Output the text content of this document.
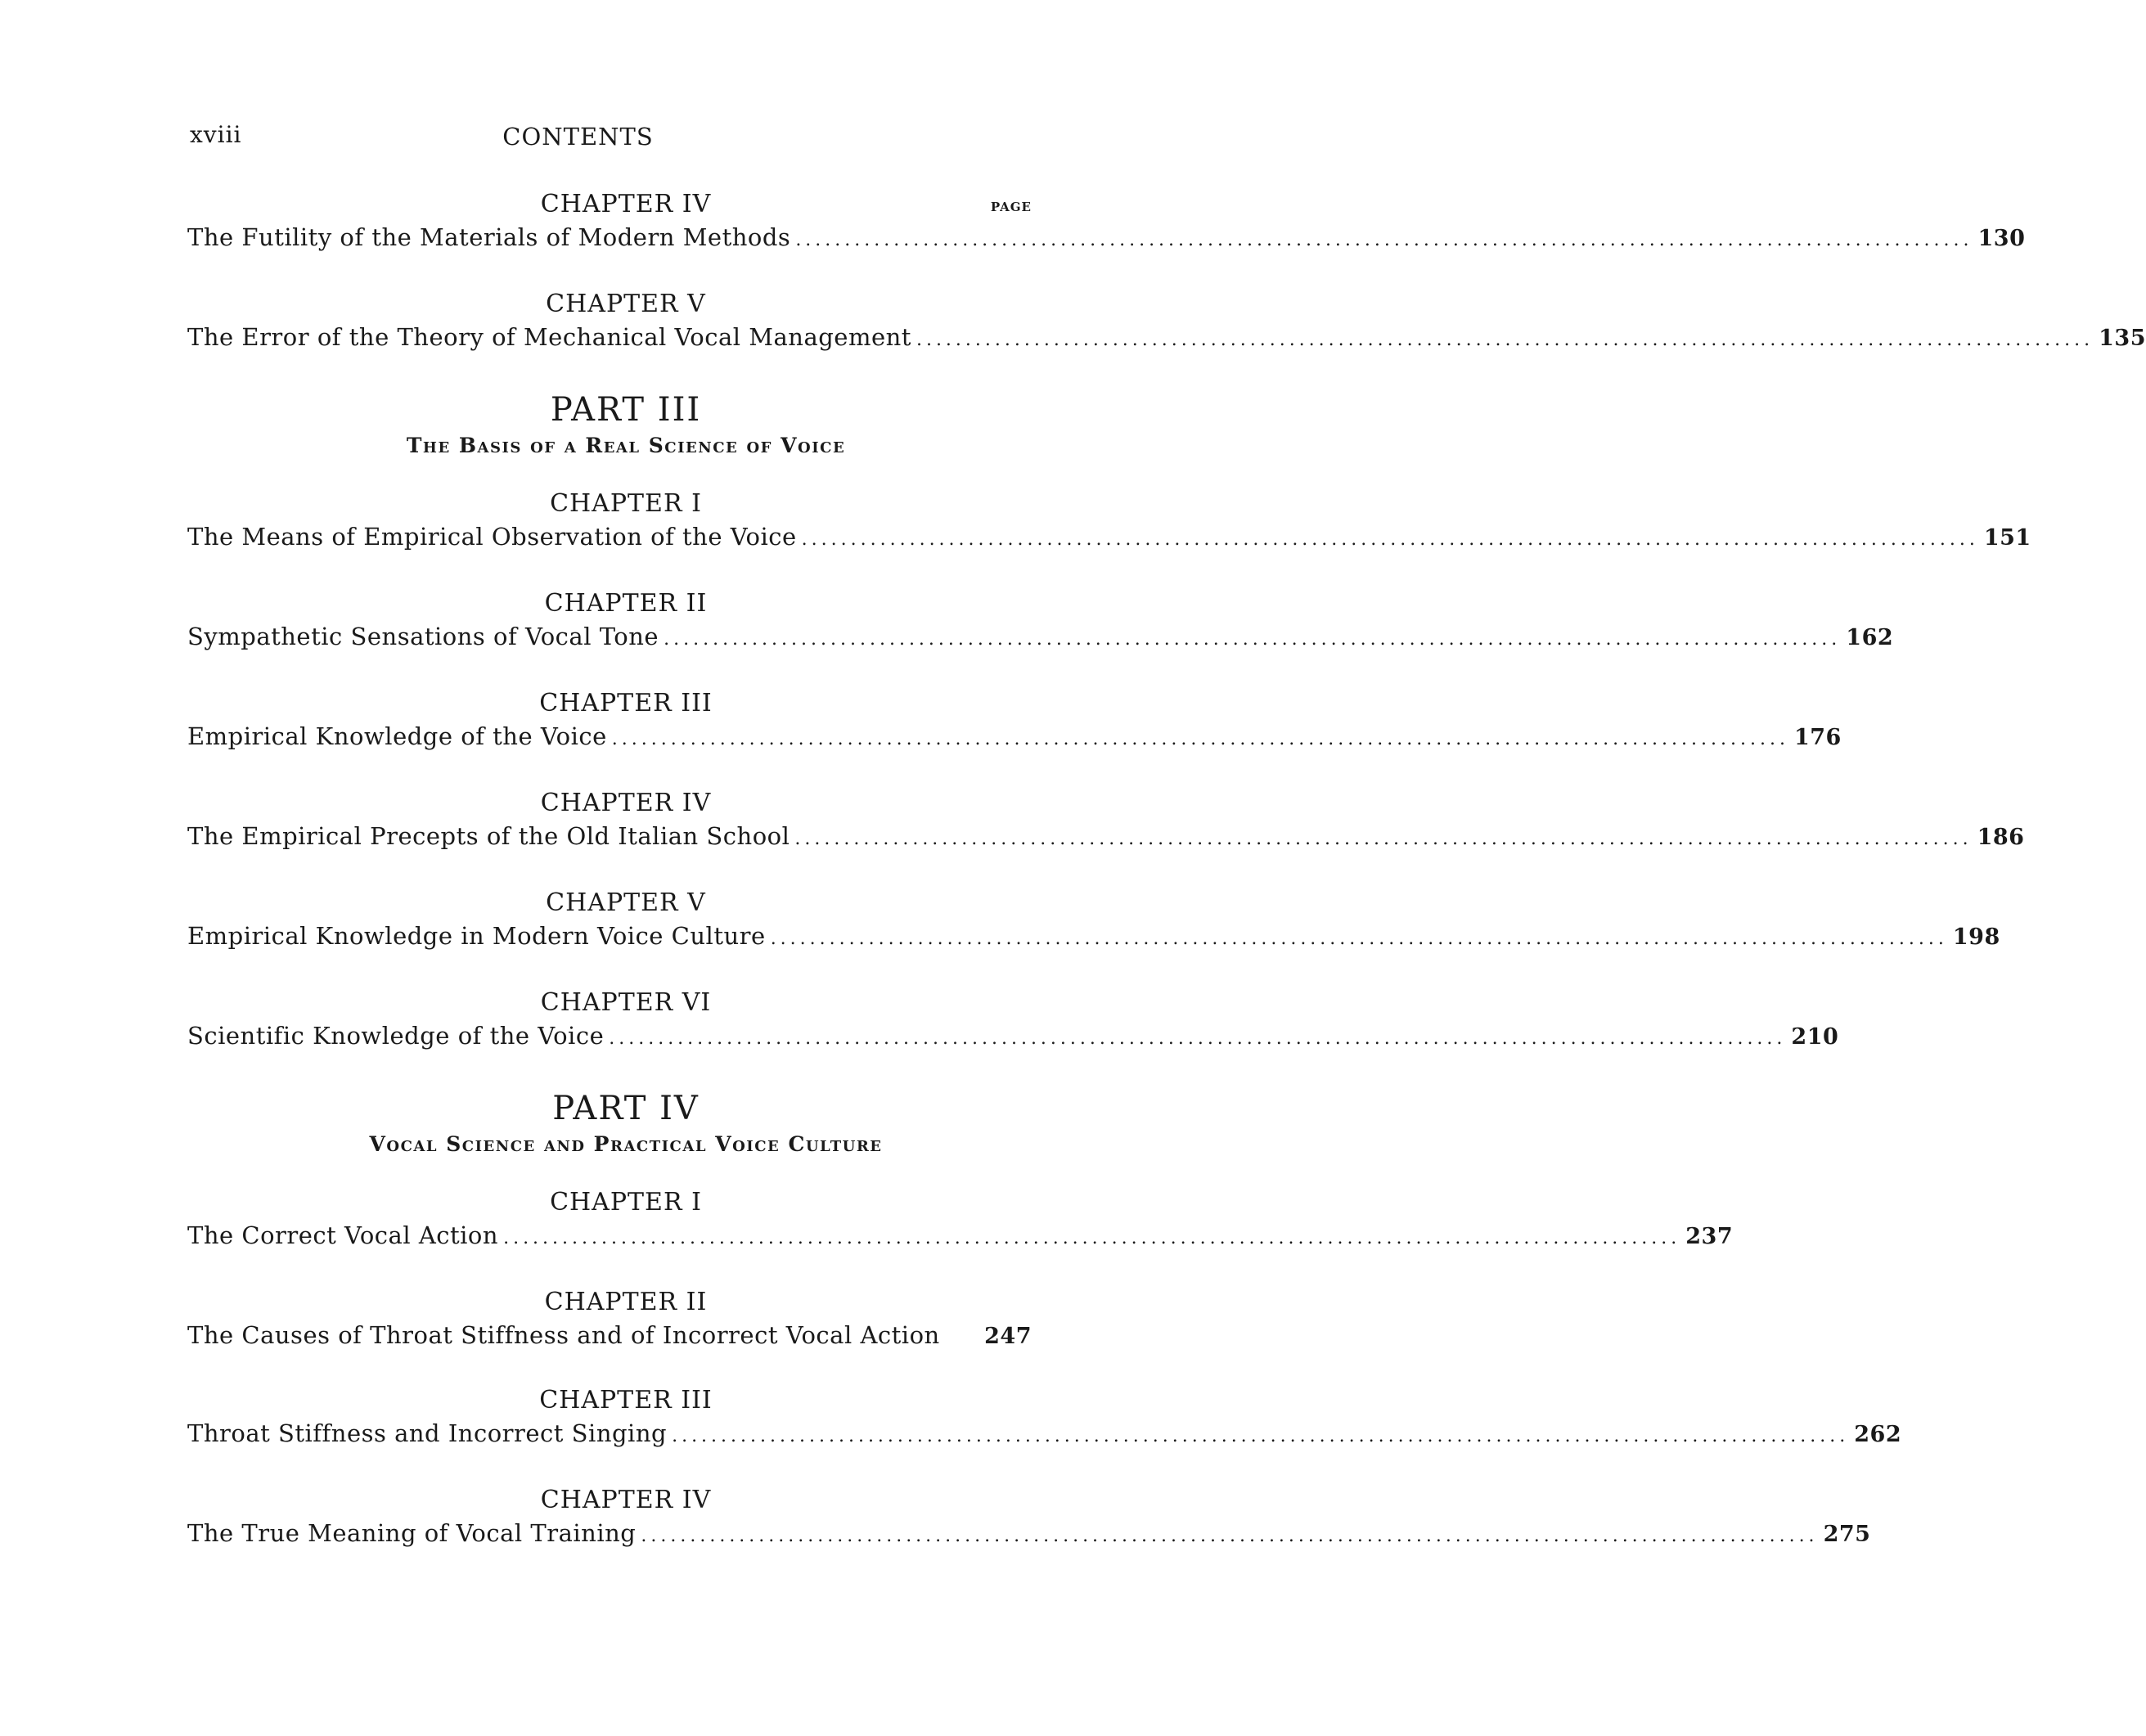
xviii	CONTENTS
PAGE
CHAPTER IV
The Futility of the Materials of Modern Methods ........................................................................................................................ 130
CHAPTER V
The Error of the Theory of Mechanical Vocal Management ........................................................................................................................ 135
PART III
The Basis of a Real Science of Voice
CHAPTER I
The Means of Empirical Observation of the Voice ........................................................................................................................ 151
CHAPTER II
Sympathetic Sensations of Vocal Tone ........................................................................................................................ 162
CHAPTER III
Empirical Knowledge of the Voice ........................................................................................................................ 176
CHAPTER IV
The Empirical Precepts of the Old Italian School ........................................................................................................................ 186
CHAPTER V
Empirical Knowledge in Modern Voice Culture ........................................................................................................................ 198
CHAPTER VI
Scientific Knowledge of the Voice ........................................................................................................................ 210
PART IV
Vocal Science and Practical Voice Culture
CHAPTER I
The Correct Vocal Action ........................................................................................................................ 237
CHAPTER II
The Causes of Throat Stiffness and of Incorrect Vocal Action 247
CHAPTER III
Throat Stiffness and Incorrect Singing ........................................................................................................................ 262
CHAPTER IV
The True Meaning of Vocal Training ........................................................................................................................ 275
